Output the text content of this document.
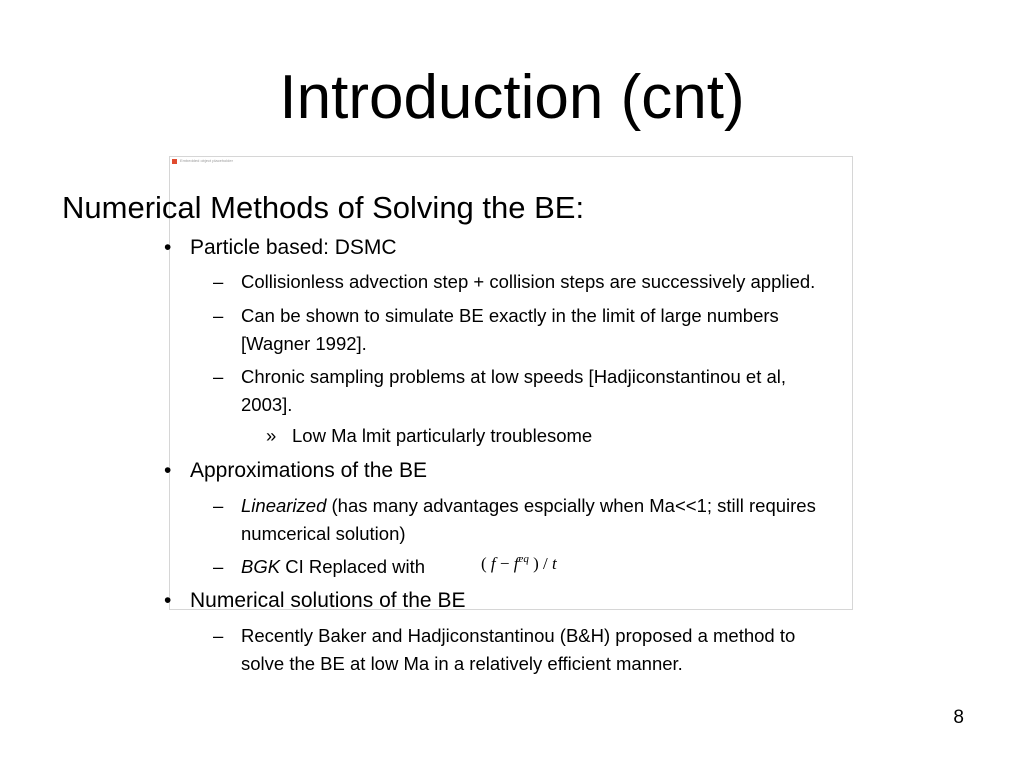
Introduction (cnt)
Embedded object placeholder
Numerical Methods of Solving the BE:
• Particle based: DSMC
– Collisionless advection step + collision steps are successively applied.
– Can be shown to simulate BE exactly in the limit of large numbers
[Wagner 1992].
– Chronic sampling problems at low speeds [Hadjiconstantinou et al,
2003].
» Low Ma lmit particularly troublesome
• Approximations of the BE
– Linearized (has many advantages espcially when Ma<<1; still requires
numcerical solution)
– BGK CI Replaced with	( $f - f^{eq}$ ) / t
• Numerical solutions of the BE
– Recently Baker and Hadjiconstantinou (B&H) proposed a method to
solve the BE at low Ma in a relatively efficient manner.
8
